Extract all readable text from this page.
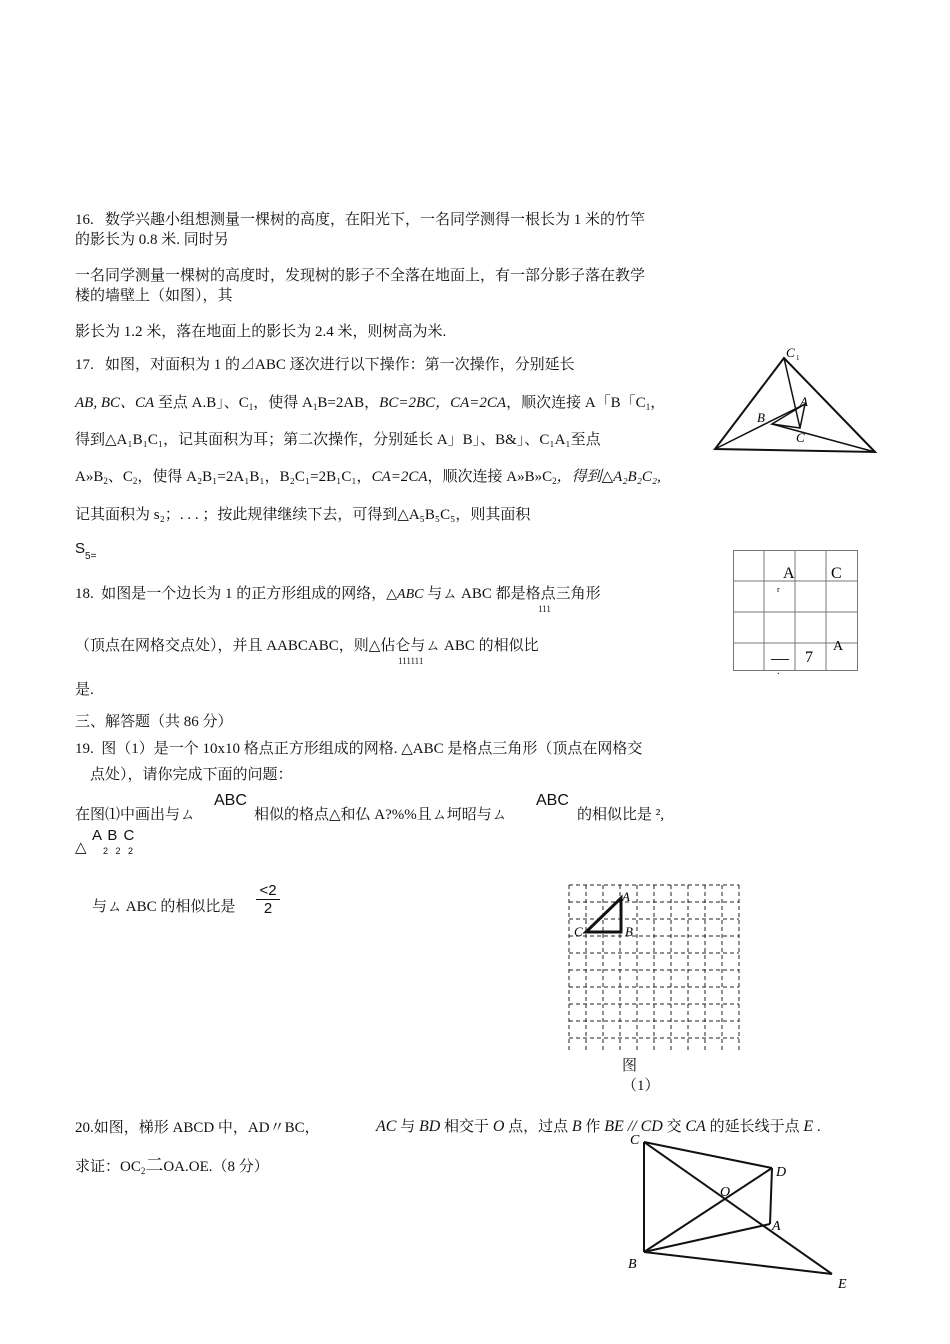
16.   数学兴趣小组想测量一棵树的高度，在阳光下，一名同学测得一根长为 1 米的竹竿
的影长为 0.8 米. 同时另
一名同学测量一棵树的高度时，发现树的影子不全落在地面上，有一部分影子落在教学
楼的墙壁上（如图），其
影长为 1.2 米，落在地面上的影长为 2.4 米，则树高为米.
17.   如图，对面积为 1 的⊿ABC 逐次进行以下操作：第一次操作，分别延长
AB, BC、CA 至点 A.B」、$C_1$，使得 $A_1B=2AB$，BC=2BC，CA=2CA，顺次连接 A「B「$C_1$，
得到△A₁B₁C₁，记其面积为耳；第二次操作，分别延长 A」B」、B&」、C₁A₁至点
$A»B_2$、$C_2$，使得 A₂B₁=2A₁B₁，B₂C₁=2B₁C₁，CA=2CA，顺次连接 $A»B»C_2$，得到△A₂B₂C₂,
记其面积为 s₂；. . . ；按此规律继续下去，可得到△A₅B₅C₅，则其面积
$S_{5=}$
C 1
B
A
C
18.  如图是一个边长为 1 的正方形组成的网络，△ABC 与ㄙ ABC 都是格点三角形
111
（顶点在网格交点处），并且 AABCABC，则△佔仑与ㄙ ABC 的相似比
111111
是.
A C
r
— 7
A
.
三、解答题（共 86 分）
19.  图（1）是一个 10x10 格点正方形组成的网格. △ABC 是格点三角形（顶点在网格交
点处），请你完成下面的问题：
在图⑴中画出与ㄙ
ABC
相似的格点△和仏 A?%%且ㄙ坷昭与ㄙ
ABC
的相似比是 ²,
△
A B C
2   2   2
与ㄙ ABC 的相似比是 $\frac{<2}{2}$	A
B
C
图
（1）
20.如图，梯形 ABCD 中，AD〃BC，	AC 与 BD 相交于 O 点，过点 B 作 BE // CD 交 CA 的延长线于点 E .
求证：$OC_2$二OA.OE.（8 分）
C
D
O
A
B
E
